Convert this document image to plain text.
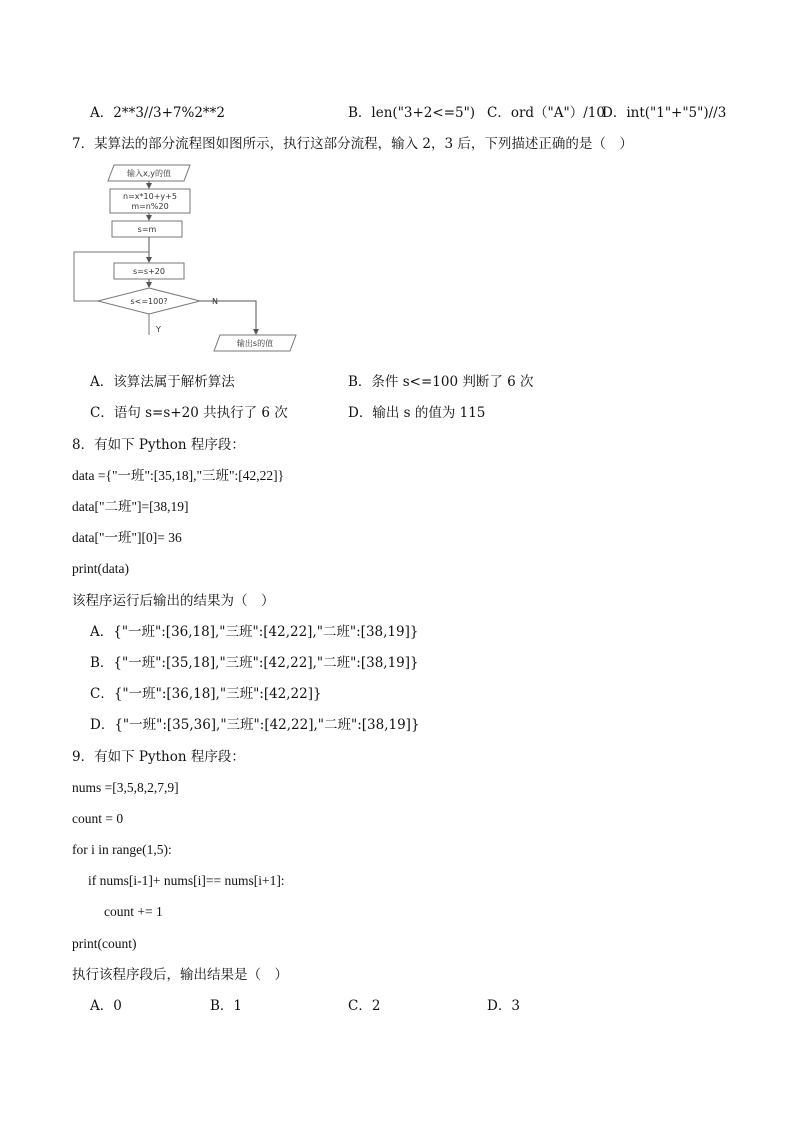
A．2**3//3+7%2**2	B．len("3+2<=5") C．ord（"A"）/10
D．int("1"+"5")//3
7．某算法的部分流程图如图所示，执行这部分流程，输入 2，3 后，下列描述正确的是（　）
输入x,y的值
n=x*10+y+5
m=n%20
s=m
s=s+20
s<=100?
Y
N
输出s的值
A．该算法属于解析算法	B．条件 s<=100 判断了 6 次
C．语句 s=s+20 共执行了 6 次	D．输出 s 的值为 115
8．有如下 Python 程序段：
data ={"一班":[35,18],"三班":[42,22]}
data["二班"]=[38,19]
data["一班"][0]= 36
print(data)
该程序运行后输出的结果为（　）
A．{"一班":[36,18],"三班":[42,22],"二班":[38,19]}
B．{"一班":[35,18],"三班":[42,22],"二班":[38,19]}
C．{"一班":[36,18],"三班":[42,22]}
D．{"一班":[35,36],"三班":[42,22],"二班":[38,19]}
9．有如下 Python 程序段：
nums =[3,5,8,2,7,9]
count = 0
for i in range(1,5):
if nums[i-1]+ nums[i]== nums[i+1]:
count += 1
print(count)
执行该程序段后，输出结果是（　）
A．0	B．1	C．2	D．3
